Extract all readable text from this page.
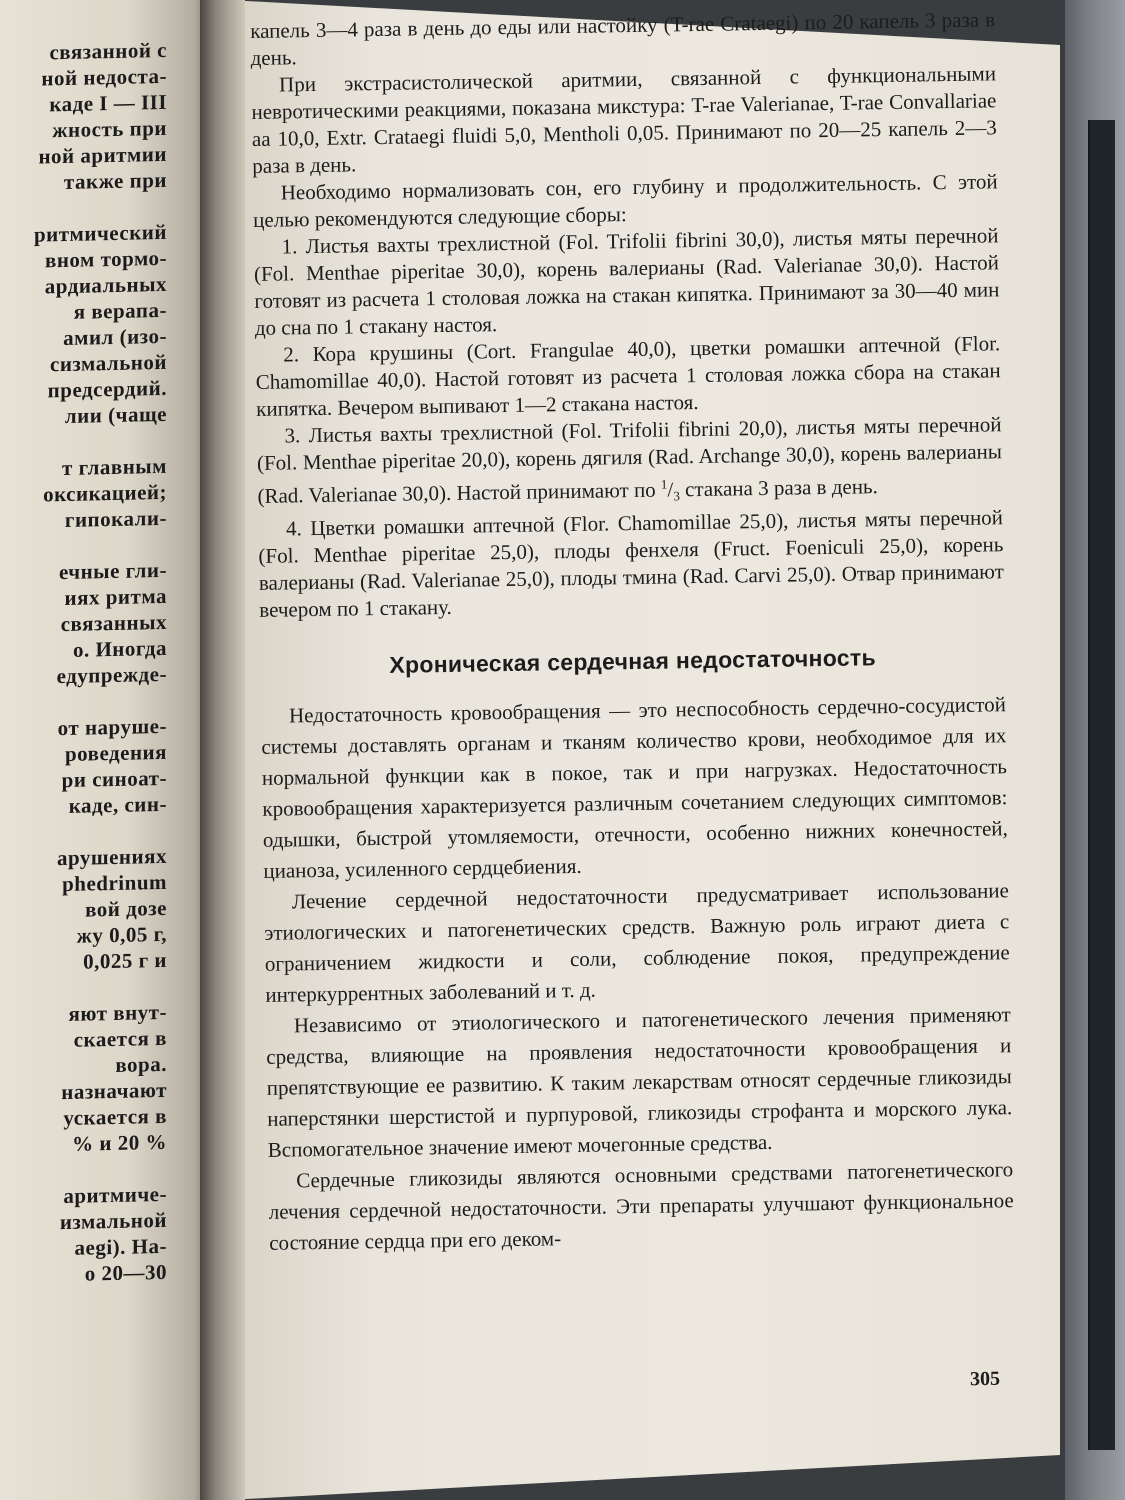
связанной с
ной недоста-
каде I — III
жность при
ной аритмии
также при
ритмический
вном тормо-
ардиальных
я верапа-
амил (изо-
сизмальной
предсердий.
лии (чаще
т главным
оксикацией;
гипокали-
ечные гли-
иях ритма
связанных
о. Иногда
едупрежде-
от наруше-
роведения
ри синоат-
каде, син-
арушениях
phedrinum
вой дозе
жу 0,05 г,
0,025 г и
яют внут-
скается в
вора.
назначают
ускается в
% и 20 %
аритмиче-
измальной
aegi). На-
о 20—30

капель 3—4 раза в день до еды или настойку (T-rae Crataegi) по 20 капель 3 раза в день.

При экстрасистолической аритмии, связанной с функциональными невротическими реакциями, показана микстура: T-rae Valerianae, T-rae Convallariae aa 10,0, Extr. Crataegi fluidi 5,0, Mentholi 0,05. Принимают по 20—25 капель 2—3 раза в день.

Необходимо нормализовать сон, его глубину и продолжительность. С этой целью рекомендуются следующие сборы:

1. Листья вахты трехлистной (Fol. Trifolii fibrini 30,0), листья мяты перечной (Fol. Menthae piperitae 30,0), корень валерианы (Rad. Valerianae 30,0). Настой готовят из расчета 1 столовая ложка на стакан кипятка. Принимают за 30—40 мин до сна по 1 стакану настоя.

2. Кора крушины (Cort. Frangulae 40,0), цветки ромашки аптечной (Flor. Chamomillae 40,0). Настой готовят из расчета 1 столовая ложка сбора на стакан кипятка. Вечером выпивают 1—2 стакана настоя.

3. Листья вахты трехлистной (Fol. Trifolii fibrini 20,0), листья мяты перечной (Fol. Menthae piperitae 20,0), корень дягиля (Rad. Archange 30,0), корень валерианы (Rad. Valerianae 30,0). Настой принимают по $^1/_3$ стакана 3 раза в день.

4. Цветки ромашки аптечной (Flor. Chamomillae 25,0), листья мяты перечной (Fol. Menthae piperitae 25,0), плоды фенхеля (Fruct. Foeniculi 25,0), корень валерианы (Rad. Valerianae 25,0), плоды тмина (Rad. Carvi 25,0). Отвар принимают вечером по 1 стакану.

Хроническая сердечная недостаточность

Недостаточность кровообращения — это неспособность сердечно-сосудистой системы доставлять органам и тканям количество крови, необходимое для их нормальной функции как в покое, так и при нагрузках. Недостаточность кровообращения характеризуется различным сочетанием следующих симптомов: одышки, быстрой утомляемости, отечности, особенно нижних конечностей, цианоза, усиленного сердцебиения.

Лечение сердечной недостаточности предусматривает использование этиологических и патогенетических средств. Важную роль играют диета с ограничением жидкости и соли, соблюдение покоя, предупреждение интеркуррентных заболеваний и т. д.

Независимо от этиологического и патогенетического лечения применяют средства, влияющие на проявления недостаточности кровообращения и препятствующие ее развитию. К таким лекарствам относят сердечные гликозиды наперстянки шерстистой и пурпуровой, гликозиды строфанта и морского лука. Вспомогательное значение имеют мочегонные средства.

Сердечные гликозиды являются основными средствами патогенетического лечения сердечной недостаточности. Эти препараты улучшают функциональное состояние сердца при его деком-

305
